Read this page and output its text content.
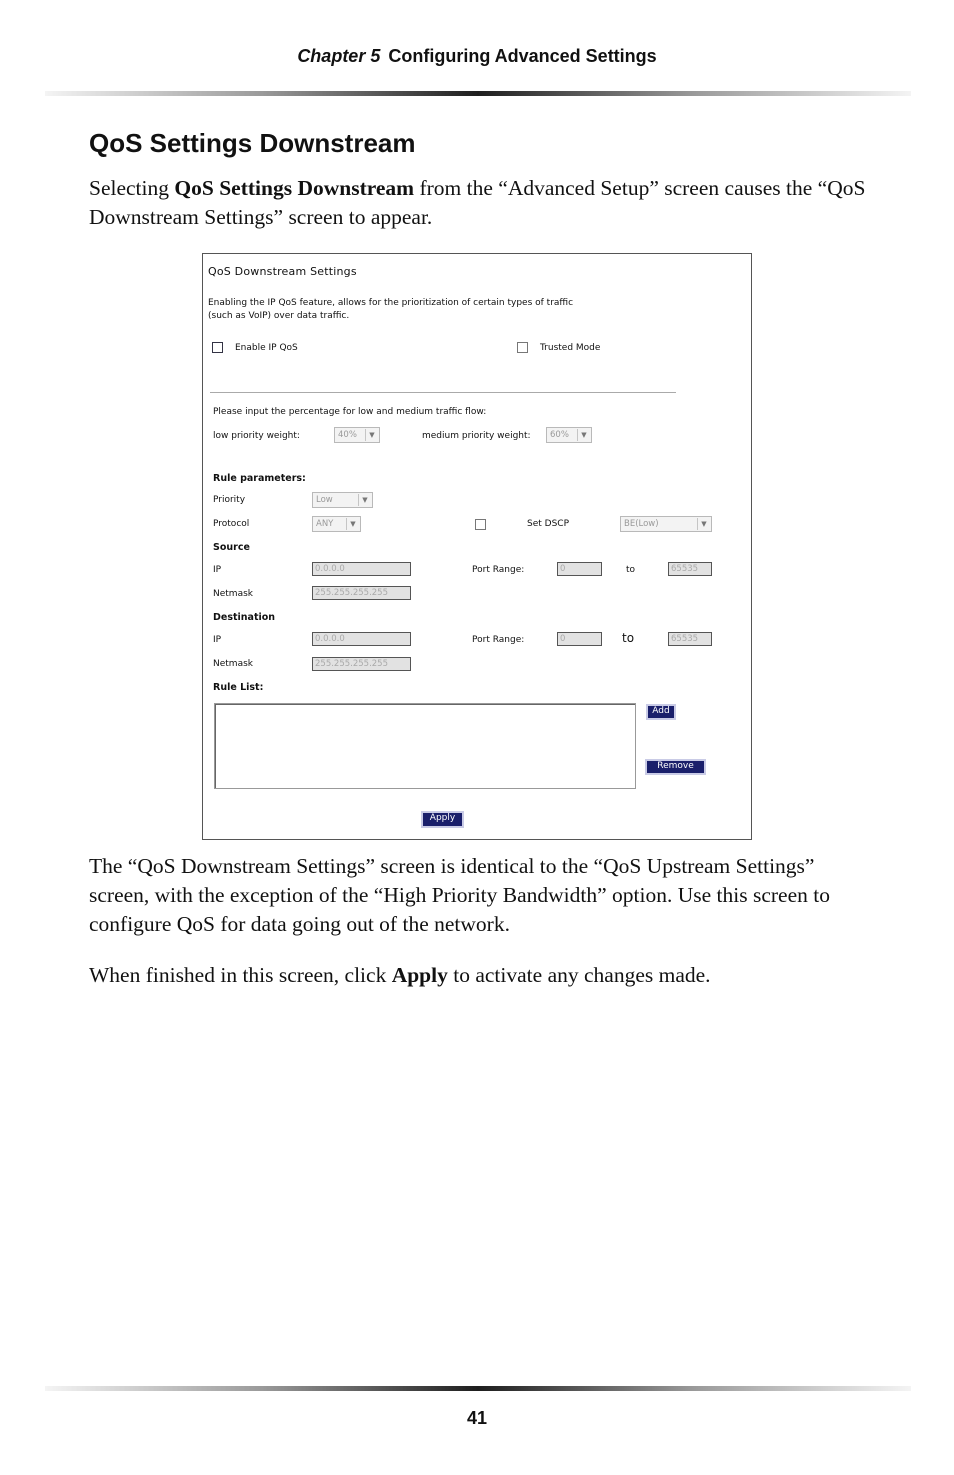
Chapter 5 Configuring Advanced Settings
QoS Settings Downstream

Selecting QoS Settings Downstream from the “Advanced Setup” screen causes the “QoS Downstream Settings” screen to appear.

QoS Downstream Settings
Enabling the IP QoS feature, allows for the prioritization of certain types of traffic
(such as VoIP) over data traffic.
Enable IP QoS	Trusted Mode
Please input the percentage for low and medium traffic flow:
low priority weight:	40%	▼	medium priority weight: 60%	▼
Rule parameters:
Priority	Low	▼
Protocol	ANY	▼	Set DSCP	BE(Low)	▼
Source
IP	0.0.0.0	Port Range:	0	to	65535
Netmask	255.255.255.255
Destination
IP	0.0.0.0	Port Range:	0	to	65535
Netmask	255.255.255.255
Rule List:
Add
Remove
Apply

The “QoS Downstream Settings” screen is identical to the “QoS Upstream Settings” screen, with the exception of the “High Priority Bandwidth” option. Use this screen to configure QoS for data going out of the network.

When finished in this screen, click Apply to activate any changes made.

41
